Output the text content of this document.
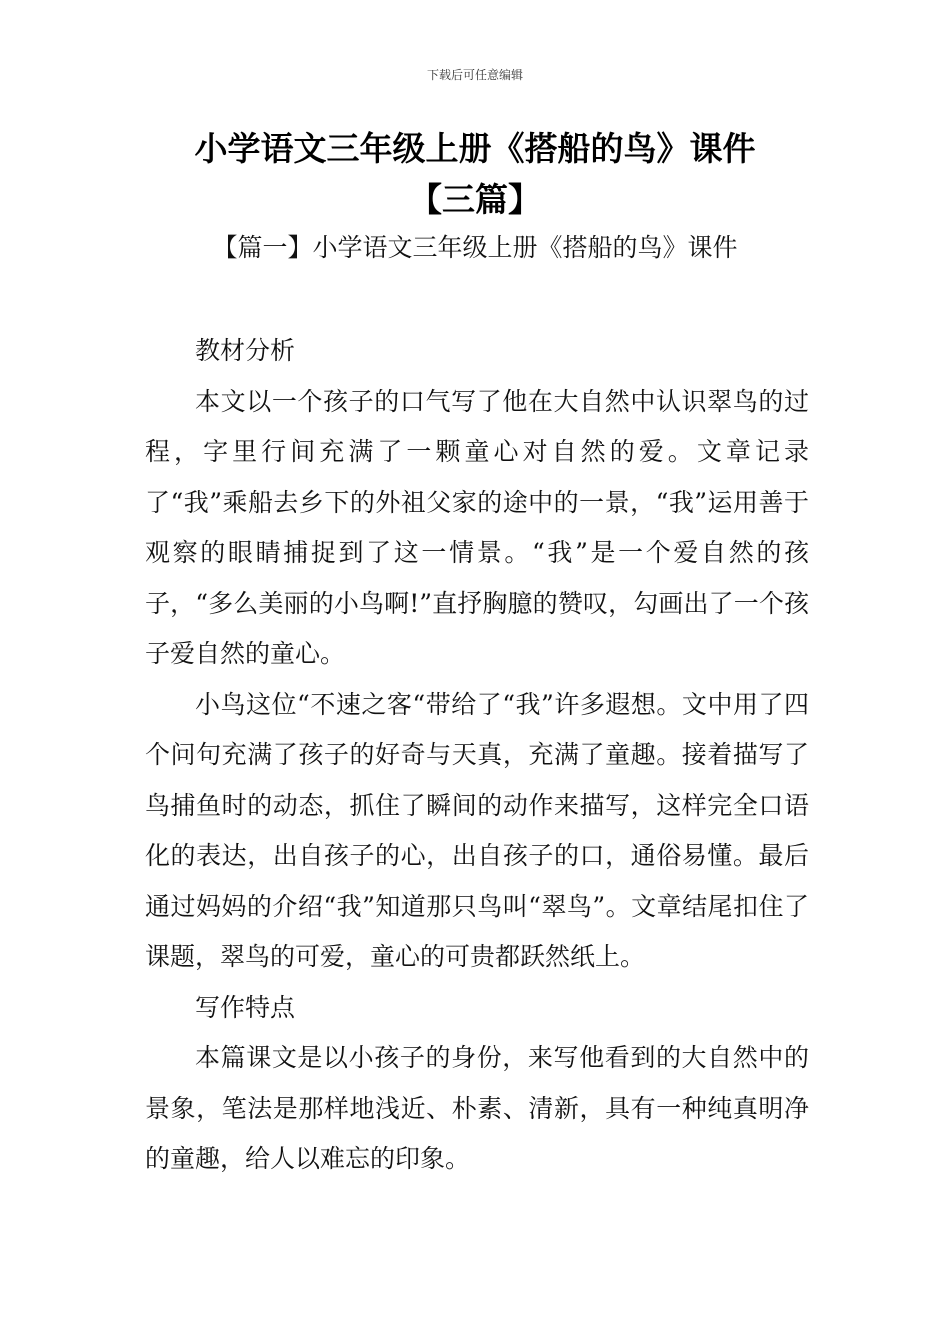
下载后可任意编辑
小学语文三年级上册《搭船的鸟》课件
【三篇】
【篇一】小学语文三年级上册《搭船的鸟》课件

教材分析

本文以一个孩子的口气写了他在大自然中认识翠鸟的过程，字里行间充满了一颗童心对自然的爱。文章记录了“我”乘船去乡下的外祖父家的途中的一景，“我”运用善于观察的眼睛捕捉到了这一情景。“我”是一个爱自然的孩子，“多么美丽的小鸟啊!”直抒胸臆的赞叹，勾画出了一个孩子爱自然的童心。

小鸟这位“不速之客“带给了“我”许多遐想。文中用了四个问句充满了孩子的好奇与天真，充满了童趣。接着描写了鸟捕鱼时的动态，抓住了瞬间的动作来描写，这样完全口语化的表达，出自孩子的心，出自孩子的口，通俗易懂。最后通过妈妈的介绍“我”知道那只鸟叫“翠鸟”。文章结尾扣住了课题，翠鸟的可爱，童心的可贵都跃然纸上。

写作特点

本篇课文是以小孩子的身份，来写他看到的大自然中的景象，笔法是那样地浅近、朴素、清新，具有一种纯真明净的童趣，给人以难忘的印象。
